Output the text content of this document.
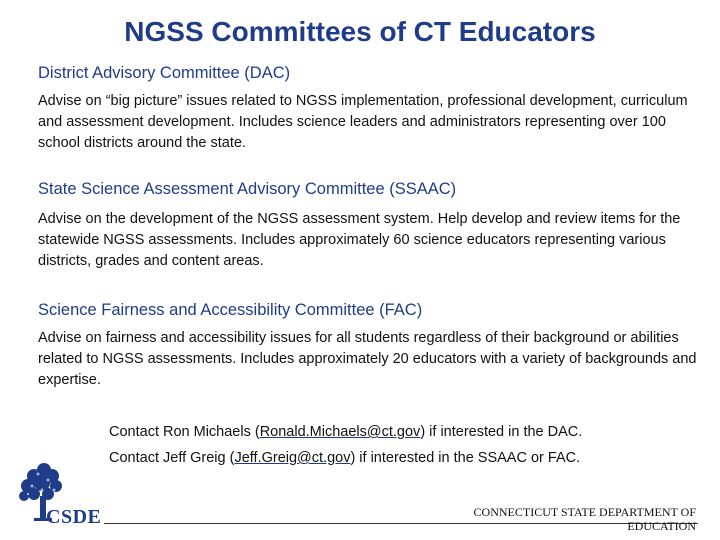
NGSS Committees of CT Educators
District Advisory Committee (DAC)
Advise on “big picture” issues related to NGSS implementation, professional development, curriculum and assessment development. Includes science leaders and administrators representing over 100 school districts around the state.
State Science Assessment Advisory Committee (SSAAC)
Advise on the development of the NGSS assessment system. Help develop and review items for the statewide NGSS assessments. Includes approximately 60 science educators representing various districts, grades and content areas.
Science Fairness and Accessibility Committee (FAC)
Advise on fairness and accessibility issues for all students regardless of their background or abilities related to NGSS assessments. Includes approximately 20 educators with a variety of backgrounds and expertise.
Contact Ron Michaels (Ronald.Michaels@ct.gov) if interested in the DAC.
Contact Jeff Greig (Jeff.Greig@ct.gov) if interested in the SSAAC or FAC.
CSDE	CONNECTICUT STATE DEPARTMENT OF EDUCATION
